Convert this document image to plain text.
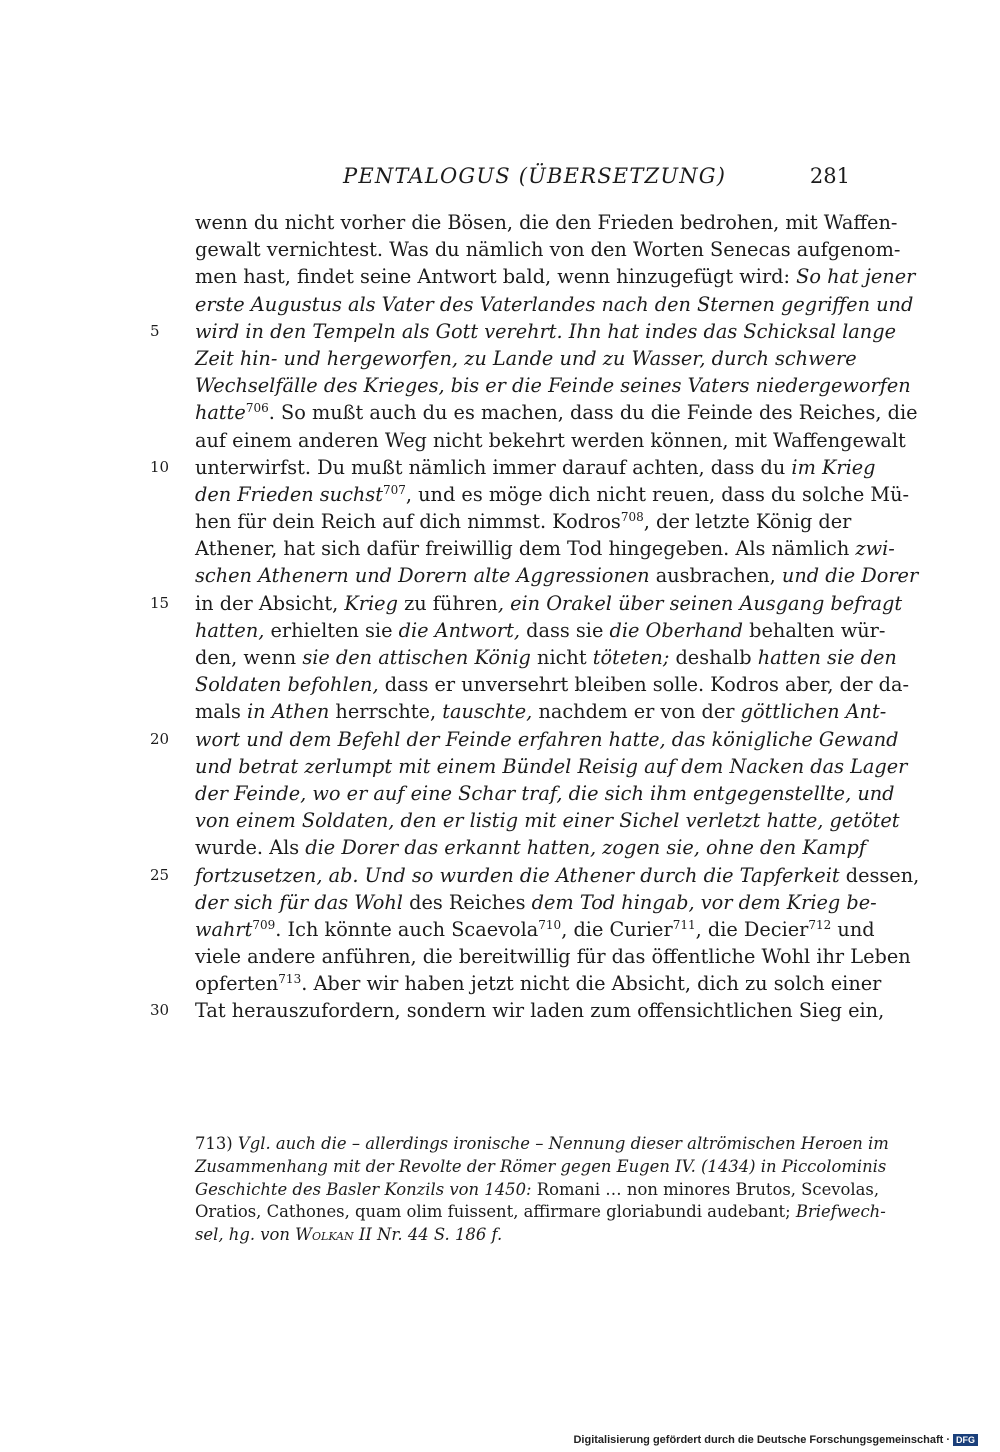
PENTALOGUS (ÜBERSETZUNG)	281
wenn du nicht vorher die Bösen, die den Frieden bedrohen, mit Waffen-
gewalt vernichtest. Was du nämlich von den Worten Senecas aufgenom-
men hast, findet seine Antwort bald, wenn hinzugefügt wird: So hat jener
erste Augustus als Vater des Vaterlandes nach den Sternen gegriffen und
5 wird in den Tempeln als Gott verehrt. Ihn hat indes das Schicksal lange
Zeit hin- und hergeworfen, zu Lande und zu Wasser, durch schwere
Wechselfälle des Krieges, bis er die Feinde seines Vaters niedergeworfen
hatte$^{706}$. So mußt auch du es machen, dass du die Feinde des Reiches, die
auf einem anderen Weg nicht bekehrt werden können, mit Waffengewalt
10 unterwirfst. Du mußt nämlich immer darauf achten, dass du im Krieg
den Frieden suchst$^{707}$, und es möge dich nicht reuen, dass du solche Mü-
hen für dein Reich auf dich nimmst. Kodros$^{708}$, der letzte König der
Athener, hat sich dafür freiwillig dem Tod hingegeben. Als nämlich zwi-
schen Athenern und Dorern alte Aggressionen ausbrachen, und die Dorer
15 in der Absicht, Krieg zu führen, ein Orakel über seinen Ausgang befragt
hatten, erhielten sie die Antwort, dass sie die Oberhand behalten wür-
den, wenn sie den attischen König nicht töteten; deshalb hatten sie den
Soldaten befohlen, dass er unversehrt bleiben solle. Kodros aber, der da-
mals in Athen herrschte, tauschte, nachdem er von der göttlichen Ant-
20 wort und dem Befehl der Feinde erfahren hatte, das königliche Gewand
und betrat zerlumpt mit einem Bündel Reisig auf dem Nacken das Lager
der Feinde, wo er auf eine Schar traf, die sich ihm entgegenstellte, und
von einem Soldaten, den er listig mit einer Sichel verletzt hatte, getötet
wurde. Als die Dorer das erkannt hatten, zogen sie, ohne den Kampf
25 fortzusetzen, ab. Und so wurden die Athener durch die Tapferkeit dessen,
der sich für das Wohl des Reiches dem Tod hingab, vor dem Krieg be-
wahrt$^{709}$. Ich könnte auch Scaevola$^{710}$, die Curier$^{711}$, die Decier$^{712}$ und
viele andere anführen, die bereitwillig für das öffentliche Wohl ihr Leben
opferten$^{713}$. Aber wir haben jetzt nicht die Absicht, dich zu solch einer
30 Tat herauszufordern, sondern wir laden zum offensichtlichen Sieg ein,
713) Vgl. auch die – allerdings ironische – Nennung dieser altrömischen Heroen im
Zusammenhang mit der Revolte der Römer gegen Eugen IV. (1434) in Piccolominis
Geschichte des Basler Konzils von 1450: Romani … non minores Brutos, Scevolas,
Oratios, Cathones, quam olim fuissent, affirmare gloriabundi audebant; Briefwech-
sel, hg. von Wolkan II Nr. 44 S. 186 f.
Digitalisierung gefördert durch die Deutsche Forschungsgemeinschaft · DFG
